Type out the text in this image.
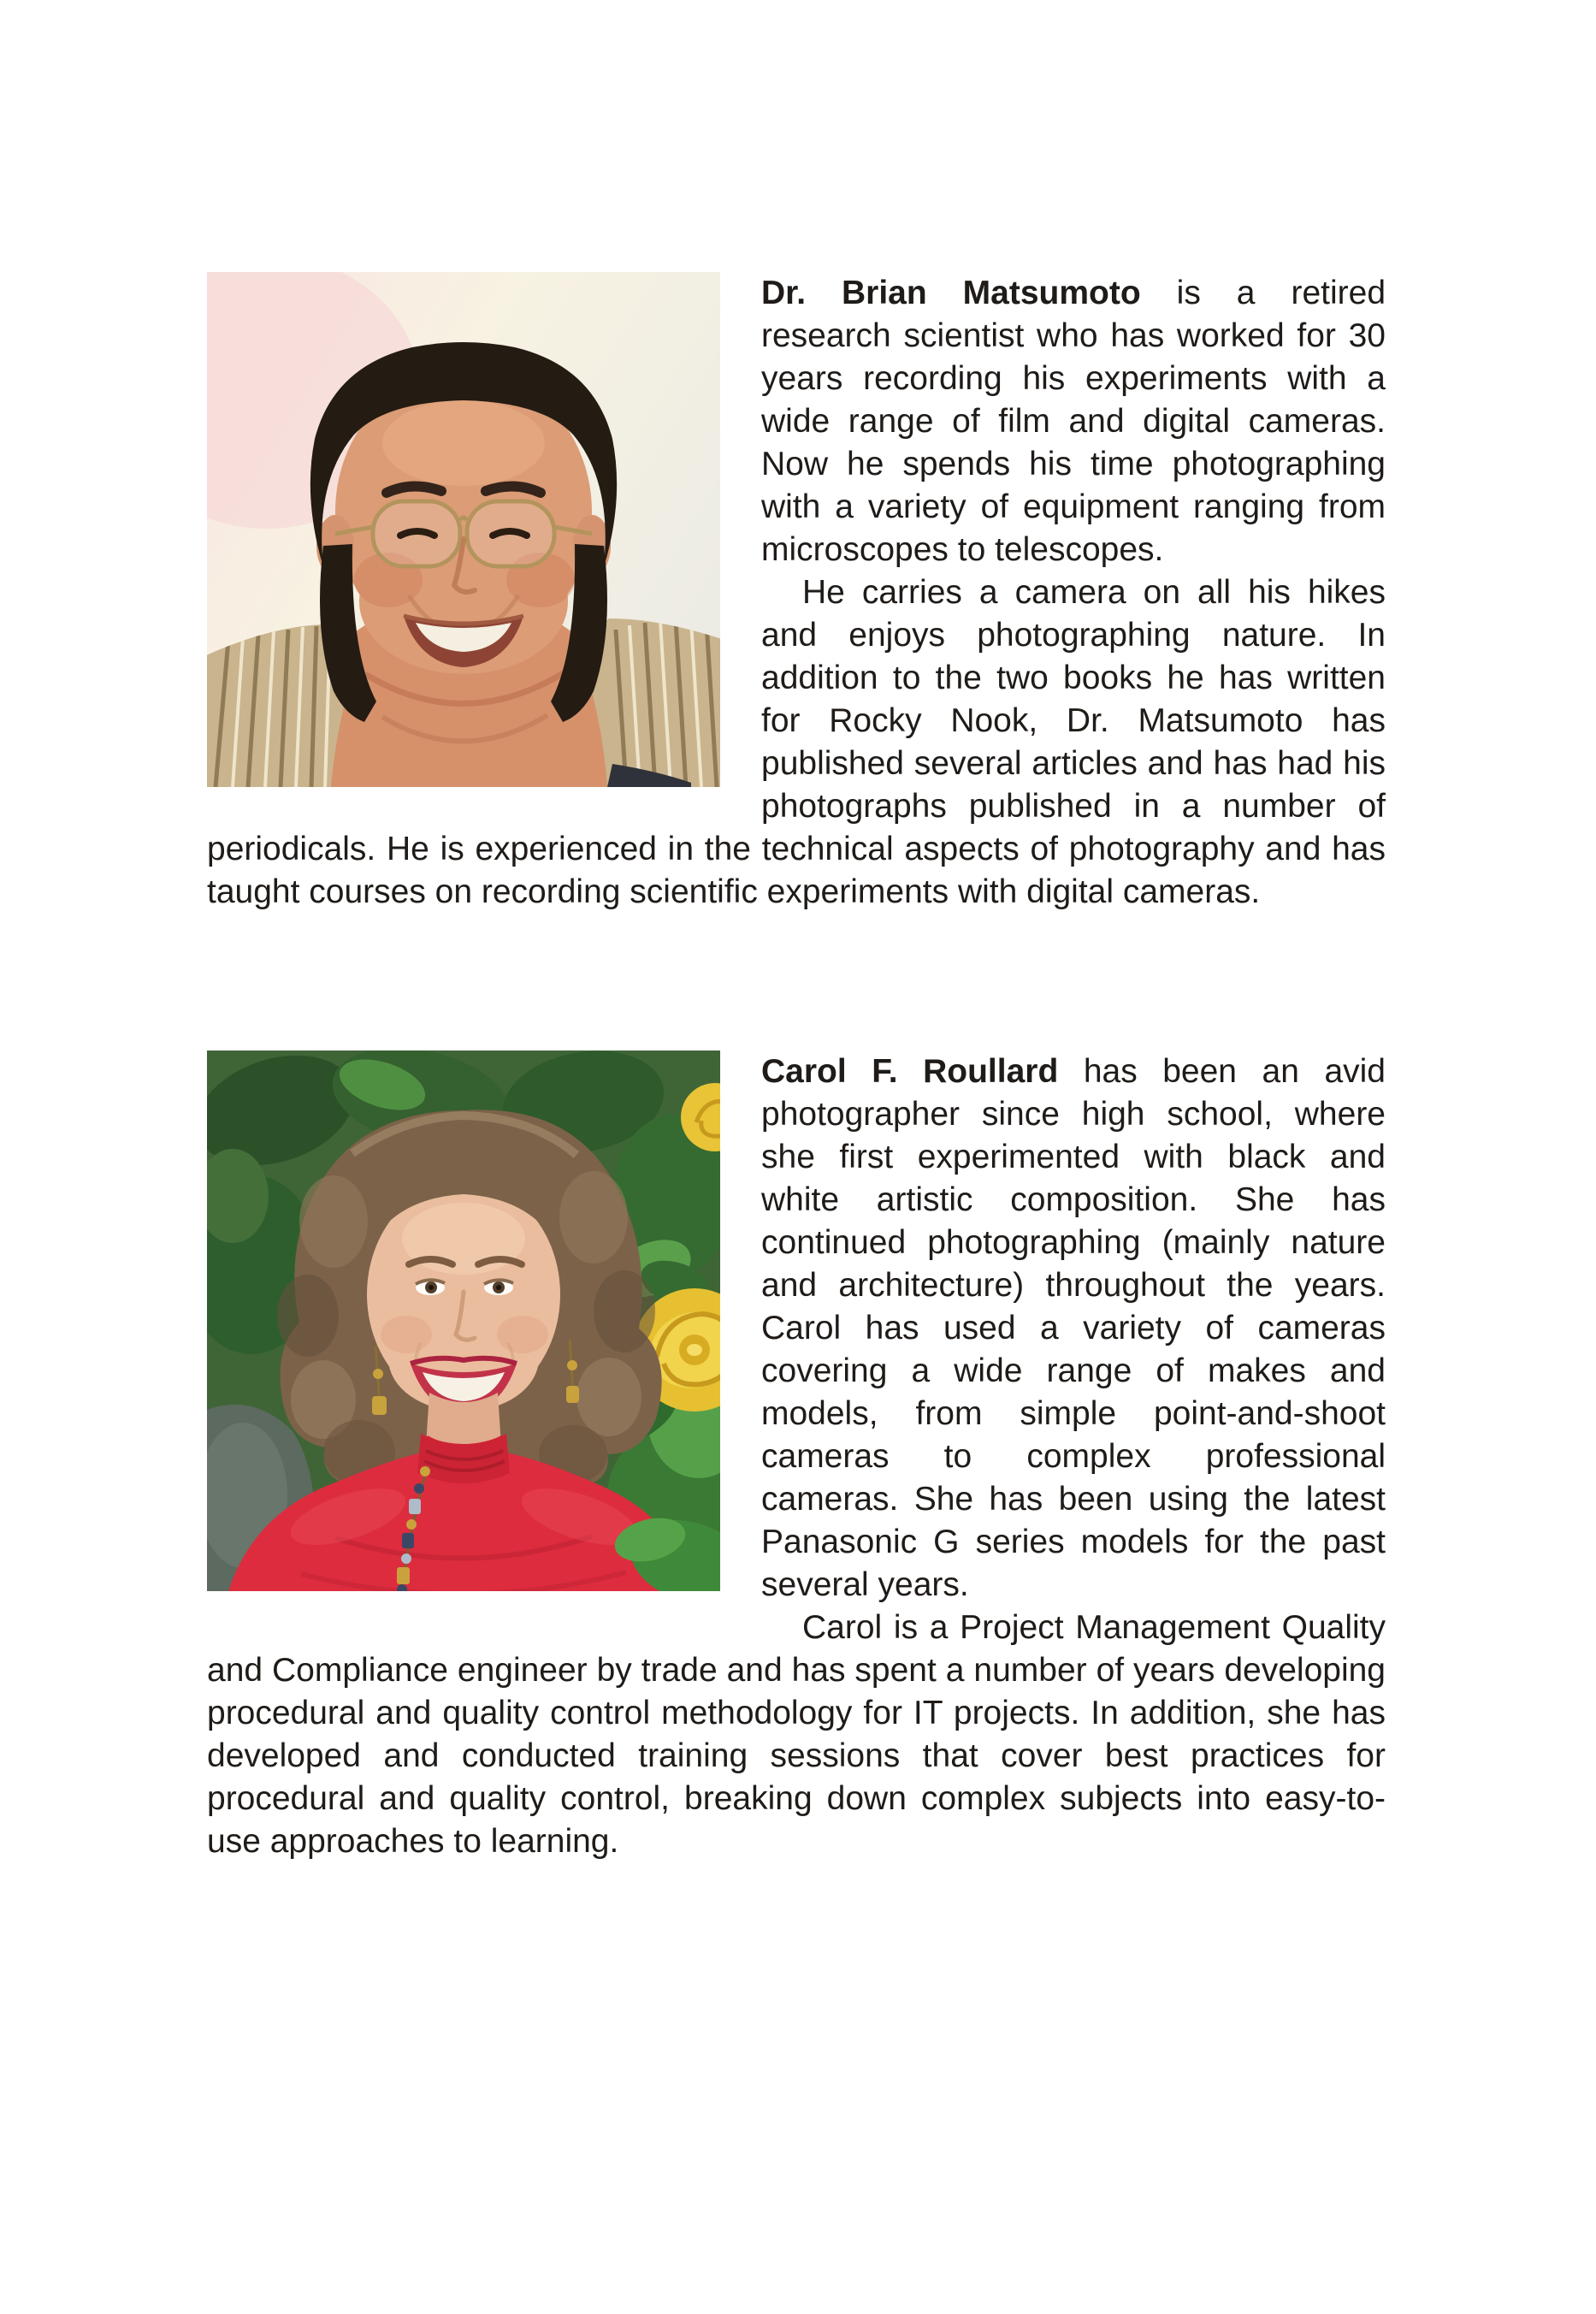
Dr. Brian Matsumoto is a retired research scientist who has worked for 30 years recording his experiments with a wide range of film and digital cameras. Now he spends his time photographing with a variety of equipment ranging from microscopes to telescopes.

He carries a camera on all his hikes and enjoys photographing nature. In addition to the two books he has written for Rocky Nook, Dr. Matsumoto has published several articles and has had his photographs published in a number of periodicals. He is experienced in the technical aspects of photography and has taught courses on recording scientific experiments with digital cameras.

Carol F. Roullard has been an avid photographer since high school, where she first experimented with black and white artistic composition. She has continued photographing (mainly nature and architecture) throughout the years. Carol has used a variety of cameras covering a wide range of makes and models, from simple point-and-shoot cameras to complex professional cameras. She has been using the latest Panasonic G series models for the past several years.

Carol is a Project Management Quality and Compliance engineer by trade and has spent a number of years developing procedural and quality control methodology for IT projects. In addition, she has developed and conducted training sessions that cover best practices for procedural and quality control, breaking down complex subjects into easy-to-use approaches to learning.
